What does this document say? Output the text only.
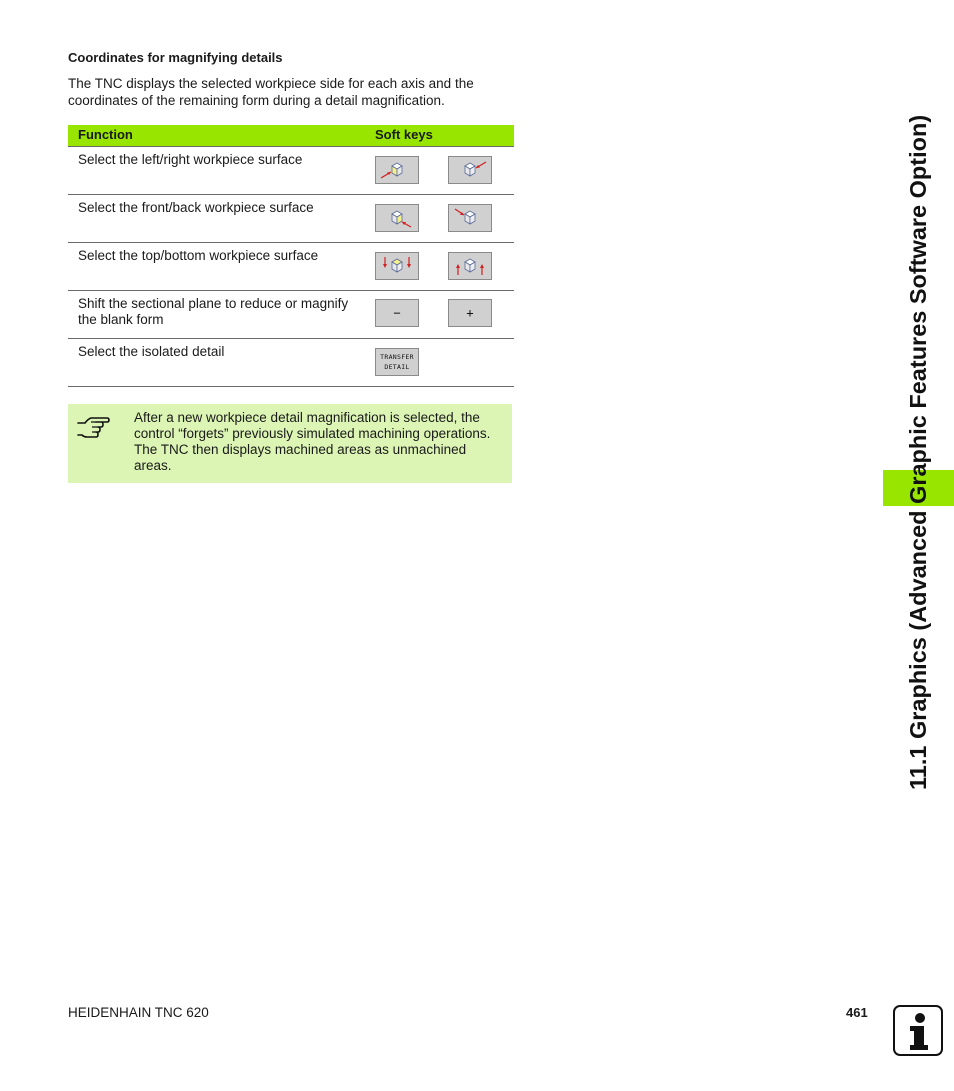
Coordinates for magnifying details
The TNC displays the selected workpiece side for each axis and the coordinates of the remaining form during a detail magnification.
Function	Soft keys
Select the left/right workpiece surface
Select the front/back workpiece surface
Select the top/bottom workpiece surface
Shift the sectional plane to reduce or magnify the blank form	−	+
Select the isolated detail	TRANSFER DETAIL
After a new workpiece detail magnification is selected, the control “forgets” previously simulated machining operations. The TNC then displays machined areas as unmachined areas.	11.1 Graphics (Advanced Graphic Features Software Option)
HEIDENHAIN TNC 620	461
